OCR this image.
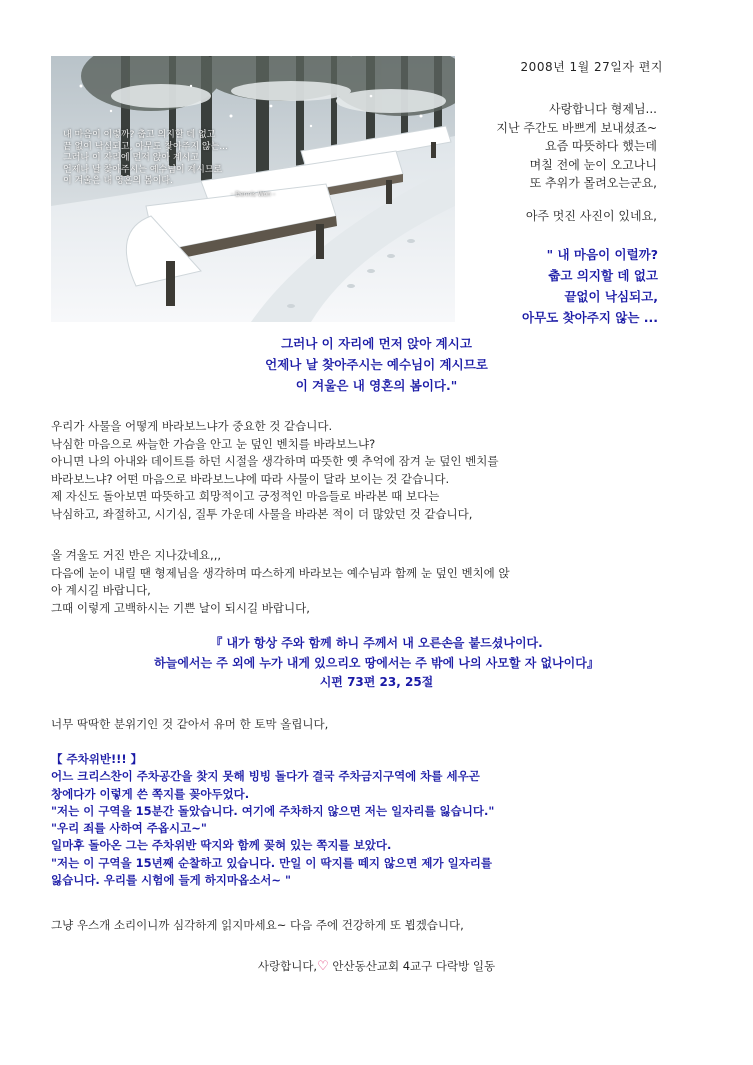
내 마음이 이렇까? 춥고 의지할 데 없고
끝 없이 낙심되고, 아무도 찾아주지 않는...
그러나 이 자리에 먼저 앉아 계시고
언제나 날 찾아주시는 예수님이 계시므로
이 겨울은 내 영혼의 봄이다.
- Dennis Won -
2008년 1월 27일자 편지
사랑합니다 형제님...
지난 주간도 바쁘게 보내셨죠~
요즘 따뜻하다 했는데
며칠 전에 눈이 오고나니
또 추위가 몰려오는군요,
아주 멋진 사진이 있네요,
" 내 마음이 이럴까?
춥고 의지할 데 없고
끝없이 낙심되고,
아무도 찾아주지 않는 ...
그러나 이 자리에 먼저 앉아 계시고
언제나 날 찾아주시는 예수님이 계시므로
이 겨울은 내 영혼의 봄이다."
우리가 사물을 어떻게 바라보느냐가 중요한 것 같습니다.
낙심한 마음으로 싸늘한 가슴을 안고 눈 덮인 벤치를 바라보느냐?
아니면 나의 아내와 데이트를 하던 시절을 생각하며 따뜻한 옛 추억에 잠겨 눈 덮인 벤치를
바라보느냐? 어떤 마음으로 바라보느냐에 따라 사물이 달라 보이는 것 같습니다.
제 자신도 돌아보면 따뜻하고 희망적이고 긍정적인 마음들로 바라본 때 보다는
낙심하고, 좌절하고, 시기심, 질투 가운데 사물을 바라본 적이 더 많았던 것 같습니다,
올 겨울도 거진 반은 지나갔네요,,,
다음에 눈이 내릴 땐 형제님을 생각하며 따스하게 바라보는 예수님과 함께 눈 덮인 벤치에 앉
아 계시길 바랍니다,
그때 이렇게 고백하시는 기쁜 날이 되시길 바랍니다,
『 내가 항상 주와 함께 하니 주께서 내 오른손을 붙드셨나이다.
하늘에서는 주 외에 누가 내게 있으리오 땅에서는 주 밖에 나의 사모할 자 없나이다』
시편 73편 23, 25절
너무 딱딱한 분위기인 것 같아서 유머 한 토막 올립니다,
【 주차위반!!! 】
어느 크리스찬이 주차공간을 찾지 못해 빙빙 돌다가 결국 주차금지구역에 차를 세우곤
창에다가 이렇게 쓴 쪽지를 꽂아두었다.
"저는 이 구역을 15분간 돌았습니다. 여기에 주차하지 않으면 저는 일자리를 잃습니다."
"우리 죄를 사하여 주옵시고~"
일마후 돌아온 그는 주차위반 딱지와 함께 꽂혀 있는 쪽지를 보았다.
"저는 이 구역을 15년째 순찰하고 있습니다. 만일 이 딱지를 떼지 않으면 제가 일자리를
잃습니다. 우리를 시험에 들게 하지마옵소서~ "
그냥 우스개 소리이니까 심각하게 읽지마세요~ 다음 주에 건강하게 또 뵙겠습니다,
사랑합니다,♡ 안산동산교회 4교구 다락방 일동
